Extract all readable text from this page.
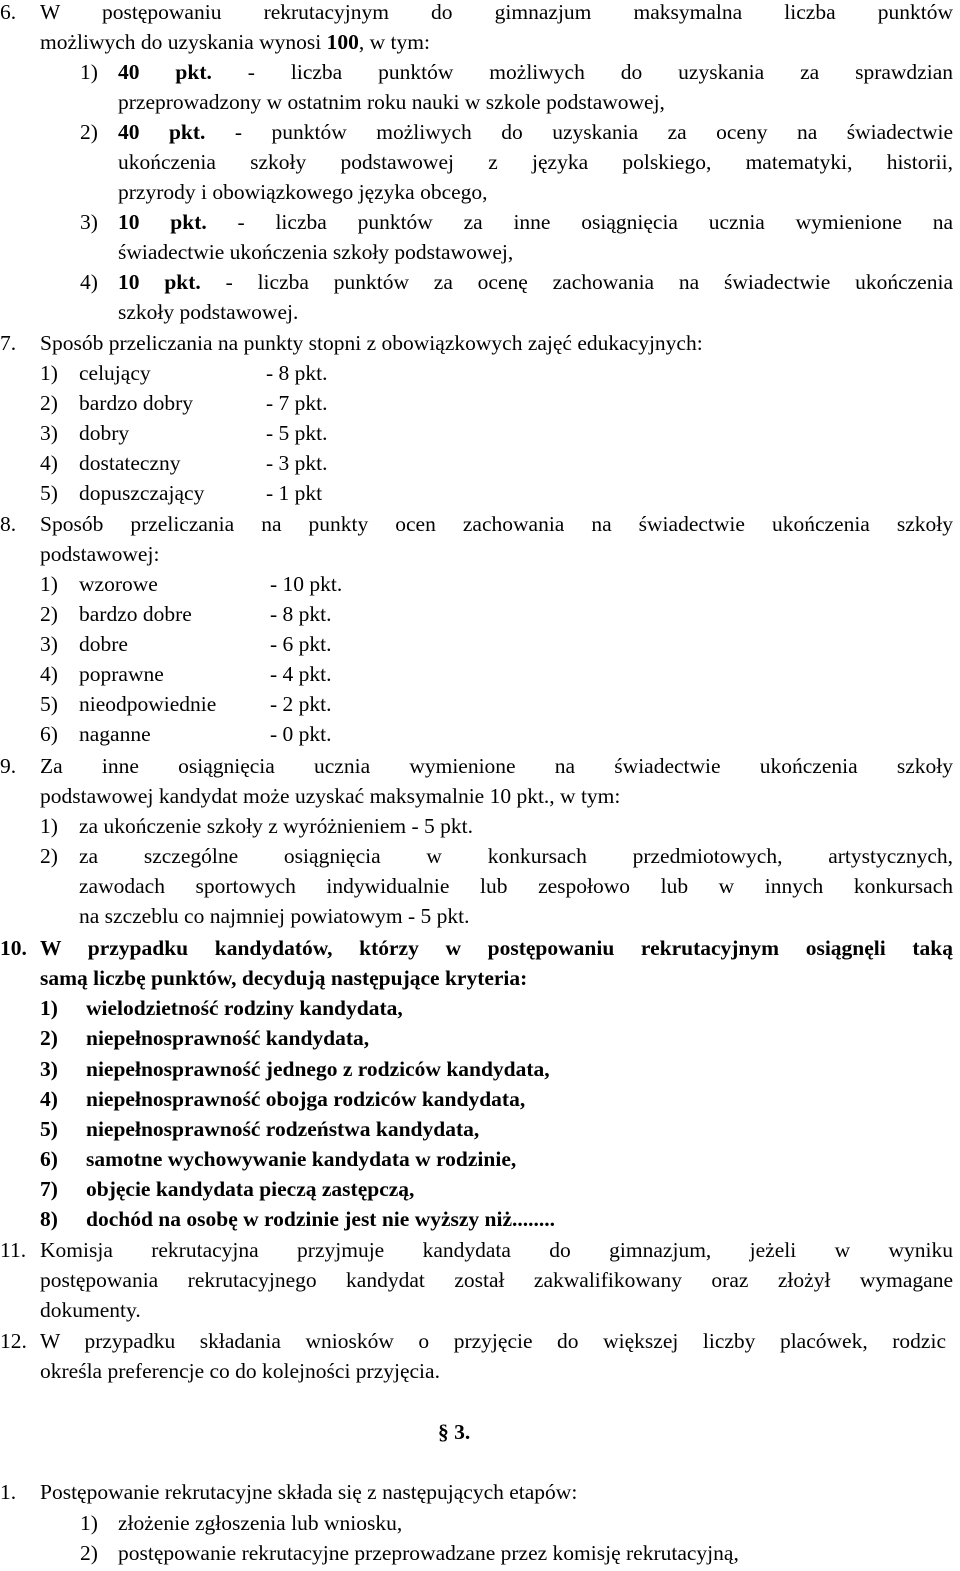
6. W postępowaniu rekrutacyjnym do gimnazjum maksymalna liczba punktów
możliwych do uzyskania wynosi 100, w tym:
1) 40 pkt. - liczba punktów możliwych do uzyskania za sprawdzian
przeprowadzony w ostatnim roku nauki w szkole podstawowej,
2) 40 pkt. - punktów możliwych do uzyskania za oceny na świadectwie
ukończenia szkoły podstawowej z języka polskiego, matematyki, historii,
przyrody i obowiązkowego języka obcego,
3) 10 pkt. - liczba punktów za inne osiągnięcia ucznia wymienione na
świadectwie ukończenia szkoły podstawowej,
4) 10 pkt. - liczba punktów za ocenę zachowania na świadectwie ukończenia
szkoły podstawowej.
7. Sposób przeliczania na punkty stopni z obowiązkowych zajęć edukacyjnych:
1) celujący	- 8 pkt.
2) bardzo dobry	- 7 pkt.
3) dobry	- 5 pkt.
4) dostateczny	- 3 pkt.
5) dopuszczający	- 1 pkt
8. Sposób przeliczania na punkty ocen zachowania na świadectwie ukończenia szkoły
podstawowej:
1) wzorowe	- 10 pkt.
2) bardzo dobre	- 8 pkt.
3) dobre	- 6 pkt.
4) poprawne	- 4 pkt.
5) nieodpowiednie - 2 pkt.
6) naganne	- 0 pkt.
9. Za inne osiągnięcia ucznia wymienione na świadectwie ukończenia szkoły
podstawowej kandydat może uzyskać maksymalnie 10 pkt., w tym:
1) za ukończenie szkoły z wyróżnieniem - 5 pkt.
2) za szczególne osiągnięcia w konkursach przedmiotowych, artystycznych,
zawodach sportowych indywidualnie lub zespołowo lub w innych konkursach
na szczeblu co najmniej powiatowym - 5 pkt.
10. W przypadku kandydatów, którzy w postępowaniu rekrutacyjnym osiągnęli taką
samą liczbę punktów, decydują następujące kryteria:
1) wielodzietność rodziny kandydata,
2) niepełnosprawność kandydata,
3) niepełnosprawność jednego z rodziców kandydata,
4) niepełnosprawność obojga rodziców kandydata,
5) niepełnosprawność rodzeństwa kandydata,
6) samotne wychowywanie kandydata w rodzinie,
7) objęcie kandydata pieczą zastępczą,
8) dochód na osobę w rodzinie jest nie wyższy niż........
11. Komisja rekrutacyjna przyjmuje kandydata do gimnazjum, jeżeli w wyniku
postępowania rekrutacyjnego kandydat został zakwalifikowany oraz złożył wymagane
dokumenty.
12. W przypadku składania wniosków o przyjęcie do większej liczby placówek, rodzic
określa preferencje co do kolejności przyjęcia.
§ 3.
1. Postępowanie rekrutacyjne składa się z następujących etapów:
1) złożenie zgłoszenia lub wniosku,
2) postępowanie rekrutacyjne przeprowadzane przez komisję rekrutacyjną,
